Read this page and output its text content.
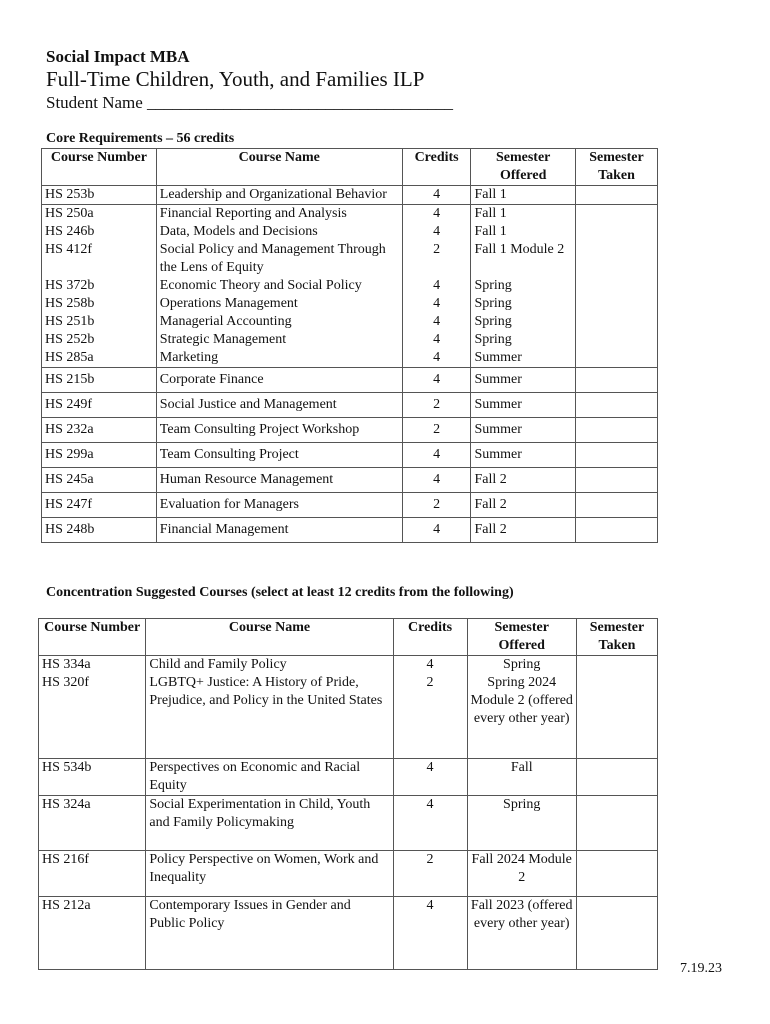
Social Impact MBA
Full-Time Children, Youth, and Families ILP
Student Name ____________________________________
Core Requirements – 56 credits
Course Number	Course Name	Credits	Semester Offered	Semester Taken
HS 253b	Leadership and Organizational Behavior	4	Fall 1	
HS 250a	Financial Reporting and Analysis	4	Fall 1	
HS 246b	Data, Models and Decisions	4	Fall 1	
HS 412f	Social Policy and Management Through the Lens of Equity	2	Fall 1 Module 2	
HS 372b	Economic Theory and Social Policy	4	Spring	
HS 258b	Operations Management	4	Spring	
HS 251b	Managerial Accounting	4	Spring	
HS 252b	Strategic Management	4	Spring	
HS 285a	Marketing	4	Summer	
HS 215b	Corporate Finance	4	Summer	
HS 249f	Social Justice and Management	2	Summer	
HS 232a	Team Consulting Project Workshop	2	Summer	
HS 299a	Team Consulting Project	4	Summer	
HS 245a	Human Resource Management	4	Fall 2	
HS 247f	Evaluation for Managers	2	Fall 2	
HS 248b	Financial Management	4	Fall 2	
Concentration Suggested Courses (select at least 12 credits from the following)
Course Number	Course Name	Credits	Semester Offered	Semester Taken
HS 334a	Child and Family Policy	4	Spring	
HS 320f	LGBTQ+ Justice: A History of Pride, Prejudice, and Policy in the United States	2	Spring 2024 Module 2 (offered every other year)	
HS 534b	Perspectives on Economic and Racial Equity	4	Fall	
HS 324a	Social Experimentation in Child, Youth and Family Policymaking	4	Spring	
HS 216f	Policy Perspective on Women, Work and Inequality	2	Fall 2024 Module 2	
HS 212a	Contemporary Issues in Gender and Public Policy	4	Fall 2023 (offered every other year)	
7.19.23
